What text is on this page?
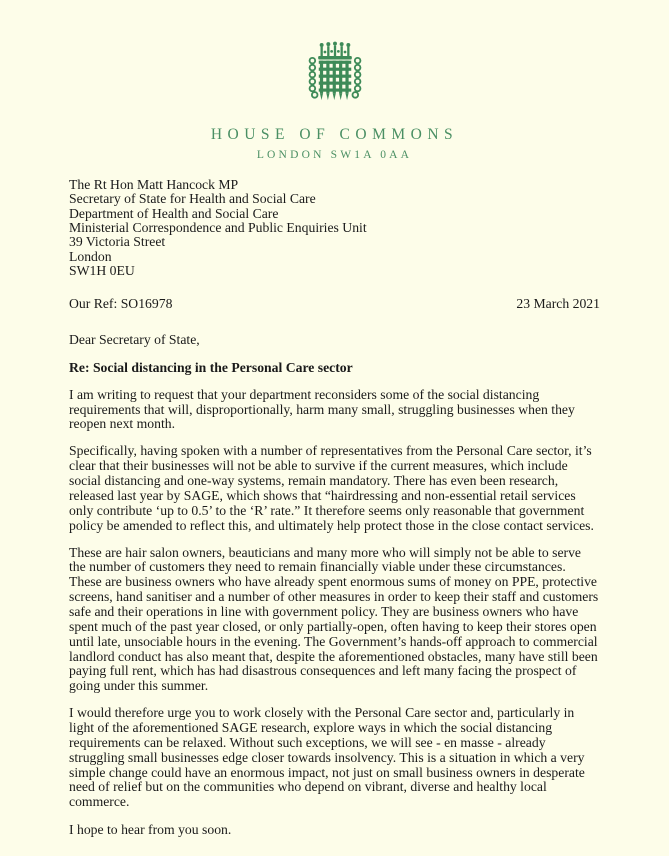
HOUSE OF COMMONS
LONDON SW1A 0AA
The Rt Hon Matt Hancock MP
Secretary of State for Health and Social Care
Department of Health and Social Care
Ministerial Correspondence and Public Enquiries Unit
39 Victoria Street
London
SW1H 0EU
Our Ref: SO16978	23 March 2021

Dear Secretary of State,

Re: Social distancing in the Personal Care sector

I am writing to request that your department reconsiders some of the social distancing requirements that will, disproportionally, harm many small, struggling businesses when they reopen next month.

Specifically, having spoken with a number of representatives from the Personal Care sector, it’s clear that their businesses will not be able to survive if the current measures, which include social distancing and one-way systems, remain mandatory. There has even been research, released last year by SAGE, which shows that “hairdressing and non-essential retail services only contribute ‘up to 0.5’ to the ‘R’ rate.” It therefore seems only reasonable that government policy be amended to reflect this, and ultimately help protect those in the close contact services.

These are hair salon owners, beauticians and many more who will simply not be able to serve the number of customers they need to remain financially viable under these circumstances. These are business owners who have already spent enormous sums of money on PPE, protective screens, hand sanitiser and a number of other measures in order to keep their staff and customers safe and their operations in line with government policy. They are business owners who have spent much of the past year closed, or only partially-open, often having to keep their stores open until late, unsociable hours in the evening. The Government’s hands-off approach to commercial landlord conduct has also meant that, despite the aforementioned obstacles, many have still been paying full rent, which has had disastrous consequences and left many facing the prospect of going under this summer.

I would therefore urge you to work closely with the Personal Care sector and, particularly in light of the aforementioned SAGE research, explore ways in which the social distancing requirements can be relaxed. Without such exceptions, we will see - en masse - already struggling small businesses edge closer towards insolvency. This is a situation in which a very simple change could have an enormous impact, not just on small business owners in desperate need of relief but on the communities who depend on vibrant, diverse and healthy local commerce.

I hope to hear from you soon.
